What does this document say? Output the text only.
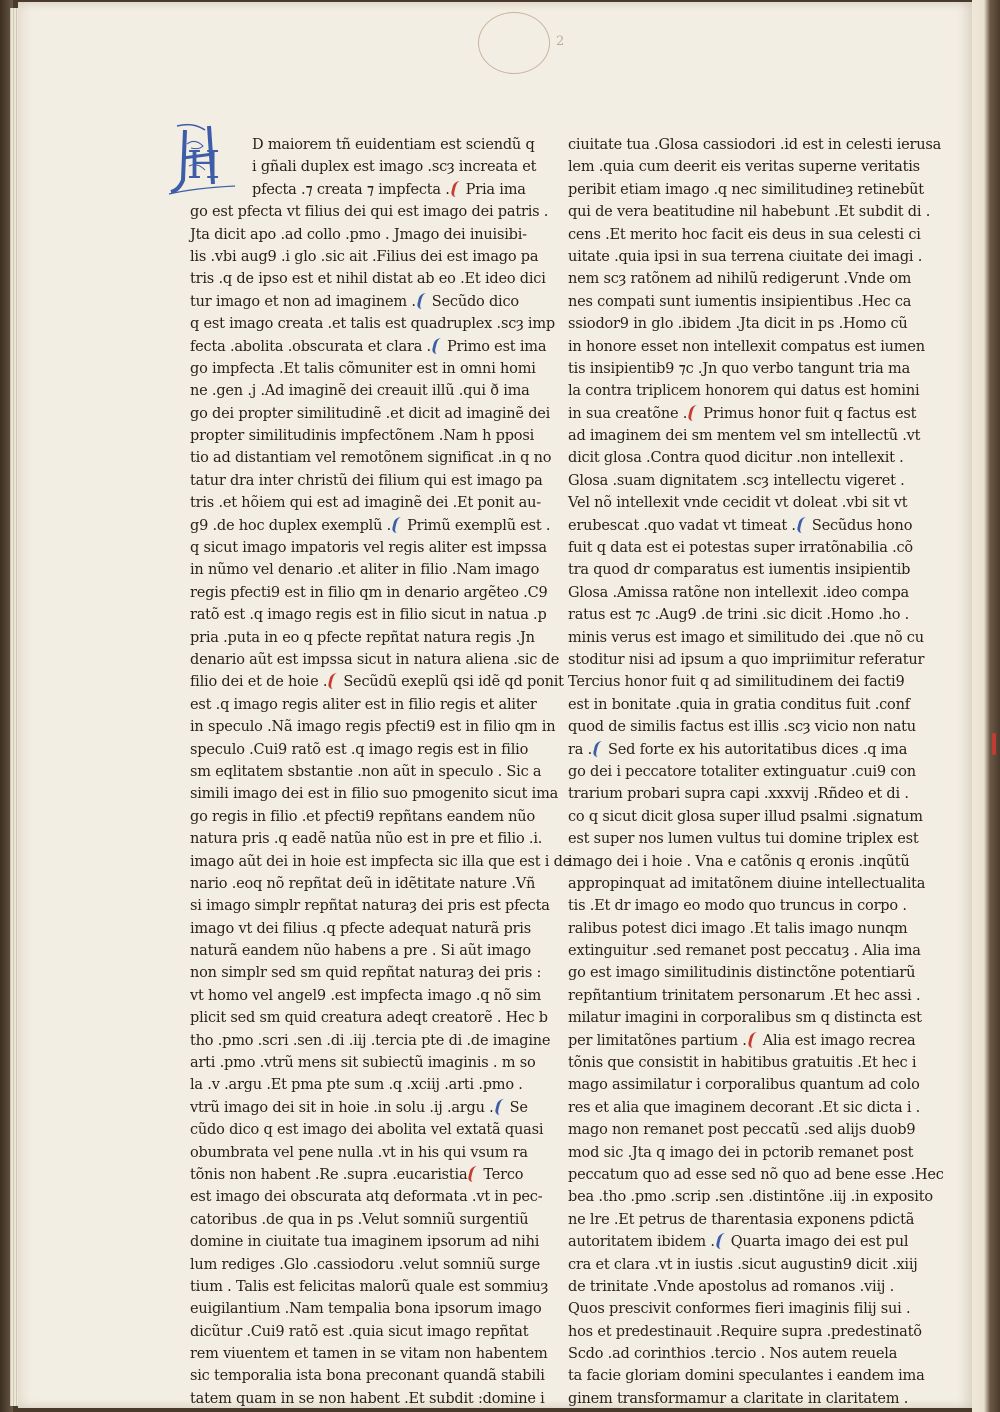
2
H	D maiorem tñ euidentiam est sciendũ q
i gñali duplex est imago .scȝ increata et
pfecta .⁊ creata ⁊ impfecta . Pria ima
go est pfecta vt filius dei qui est imago dei patris .
Jta dicit apo .ad collo .pmo . Jmago dei inuisibi-
lis .vbi aug9 .i glo .sic ait .Filius dei est imago pa
tris .q de ipso est et nihil distat ab eo .Et ideo dici
tur imago et non ad imaginem . Secũdo dico
q est imago creata .et talis est quadruplex .scȝ imp
fecta .abolita .obscurata et clara . Primo est ima
go impfecta .Et talis cõmuniter est in omni homi
ne .gen .j .Ad imaginẽ dei creauit illũ .qui ð ima
go dei propter similitudinẽ .et dicit ad imaginẽ dei
propter similitudinis impfectõnem .Nam h pposi
tio ad distantiam vel remotõnem significat .in q no
tatur dra inter christũ dei filium qui est imago pa
tris .et hõiem qui est ad imaginẽ dei .Et ponit au-
g9 .de hoc duplex exemplũ . Primũ exemplũ est .
q sicut imago impatoris vel regis aliter est impssa
in nũmo vel denario .et aliter in filio .Nam imago
regis pfecti9 est in filio qm in denario argẽteo .C9
ratõ est .q imago regis est in filio sicut in natua .p
pria .puta in eo q pfecte repñtat natura regis .Jn
denario aũt est impssa sicut in natura aliena .sic de
filio dei et de hoie . Secũdũ exeplũ qsi idẽ qd ponit
est .q imago regis aliter est in filio regis et aliter
in speculo .Nã imago regis pfecti9 est in filio qm in
speculo .Cui9 ratõ est .q imago regis est in filio
sm eqlitatem sbstantie .non aũt in speculo . Sic a
simili imago dei est in filio suo pmogenito sicut ima
go regis in filio .et pfecti9 repñtans eandem nũo
natura pris .q eadẽ natũa nũo est in pre et filio .i.
imago aũt dei in hoie est impfecta sic illa que est i de
nario .eoq nõ repñtat deũ in idẽtitate nature .Vñ
si imago simplr repñtat naturaȝ dei pris est pfecta
imago vt dei filius .q pfecte adequat naturã pris
naturã eandem nũo habens a pre . Si aũt imago
non simplr sed sm quid repñtat naturaȝ dei pris :
vt homo vel angel9 .est impfecta imago .q nõ sim
plicit sed sm quid creatura adeqt creatorẽ . Hec b
tho .pmo .scri .sen .di .iij .tercia pte di .de imagine
arti .pmo .vtrũ mens sit subiectũ imaginis . m so
la .v .argu .Et pma pte sum .q .xciij .arti .pmo .
vtrũ imago dei sit in hoie .in solu .ij .argu . Se
cũdo dico q est imago dei abolita vel extatã quasi
obumbrata vel pene nulla .vt in his qui vsum ra
tõnis non habent .Re .supra .eucaristia Terco
est imago dei obscurata atq deformata .vt in pec-
catoribus .de qua in ps .Velut somniũ surgentiũ
domine in ciuitate tua imaginem ipsorum ad nihi
lum rediges .Glo .cassiodoru .velut somniũ surge
tium . Talis est felicitas malorũ quale est sommiuȝ
euigilantium .Nam tempalia bona ipsorum imago
dicũtur .Cui9 ratõ est .quia sicut imago repñtat
rem viuentem et tamen in se vitam non habentem
sic temporalia ista bona preconant quandã stabili
tatem quam in se non habent .Et subdit :domine i
ciuitate tua .Glosa cassiodori .id est in celesti ierusa
lem .quia cum deerit eis veritas superne veritatis
peribit etiam imago .q nec similitudineȝ retinebũt
qui de vera beatitudine nil habebunt .Et subdit di .
cens .Et merito hoc facit eis deus in sua celesti ci
uitate .quia ipsi in sua terrena ciuitate dei imagi .
nem scȝ ratõnem ad nihilũ redigerunt .Vnde om
nes compati sunt iumentis insipientibus .Hec ca
ssiodor9 in glo .ibidem .Jta dicit in ps .Homo cũ
in honore esset non intellexit compatus est iumen
tis insipientib9 ⁊c .Jn quo verbo tangunt tria ma
la contra triplicem honorem qui datus est homini
in sua creatõne . Primus honor fuit q factus est
ad imaginem dei sm mentem vel sm intellectũ .vt
dicit glosa .Contra quod dicitur .non intellexit .
Glosa .suam dignitatem .scȝ intellectu vigeret .
Vel nõ intellexit vnde cecidit vt doleat .vbi sit vt
erubescat .quo vadat vt timeat . Secũdus hono
fuit q data est ei potestas super irratõnabilia .cõ
tra quod dr comparatus est iumentis insipientib
Glosa .Amissa ratõne non intellexit .ideo compa
ratus est ⁊c .Aug9 .de trini .sic dicit .Homo .ho .
minis verus est imago et similitudo dei .que nõ cu
stoditur nisi ad ipsum a quo impriimitur referatur
Tercius honor fuit q ad similitudinem dei facti9
est in bonitate .quia in gratia conditus fuit .conf
quod de similis factus est illis .scȝ vicio non natu
ra . Sed forte ex his autoritatibus dices .q ima
go dei i peccatore totaliter extinguatur .cui9 con
trarium probari supra capi .xxxvij .Rñdeo et di .
co q sicut dicit glosa super illud psalmi .signatum
est super nos lumen vultus tui domine triplex est
imago dei i hoie . Vna e catõnis q eronis .inqũtũ
appropinquat ad imitatõnem diuine intellectualita
tis .Et dr imago eo modo quo truncus in corpo .
ralibus potest dici imago .Et talis imago nunqm
extinguitur .sed remanet post peccatuȝ . Alia ima
go est imago similitudinis distinctõne potentiarũ
repñtantium trinitatem personarum .Et hec assi .
milatur imagini in corporalibus sm q distincta est
per limitatõnes partium . Alia est imago recrea
tõnis que consistit in habitibus gratuitis .Et hec i
mago assimilatur i corporalibus quantum ad colo
res et alia que imaginem decorant .Et sic dicta i .
mago non remanet post peccatũ .sed alijs duob9
mod sic .Jta q imago dei in pctorib remanet post
peccatum quo ad esse sed nõ quo ad bene esse .Hec
bea .tho .pmo .scrip .sen .distintõne .iij .in exposito
ne lre .Et petrus de tharentasia exponens pdictã
autoritatem ibidem . Quarta imago dei est pul
cra et clara .vt in iustis .sicut augustin9 dicit .xiij
de trinitate .Vnde apostolus ad romanos .viij .
Quos prescivit conformes fieri imaginis filij sui .
hos et predestinauit .Require supra .predestinatõ
Scdo .ad corinthios .tercio . Nos autem reuela
ta facie gloriam domini speculantes i eandem ima
ginem transformamur a claritate in claritatem .
